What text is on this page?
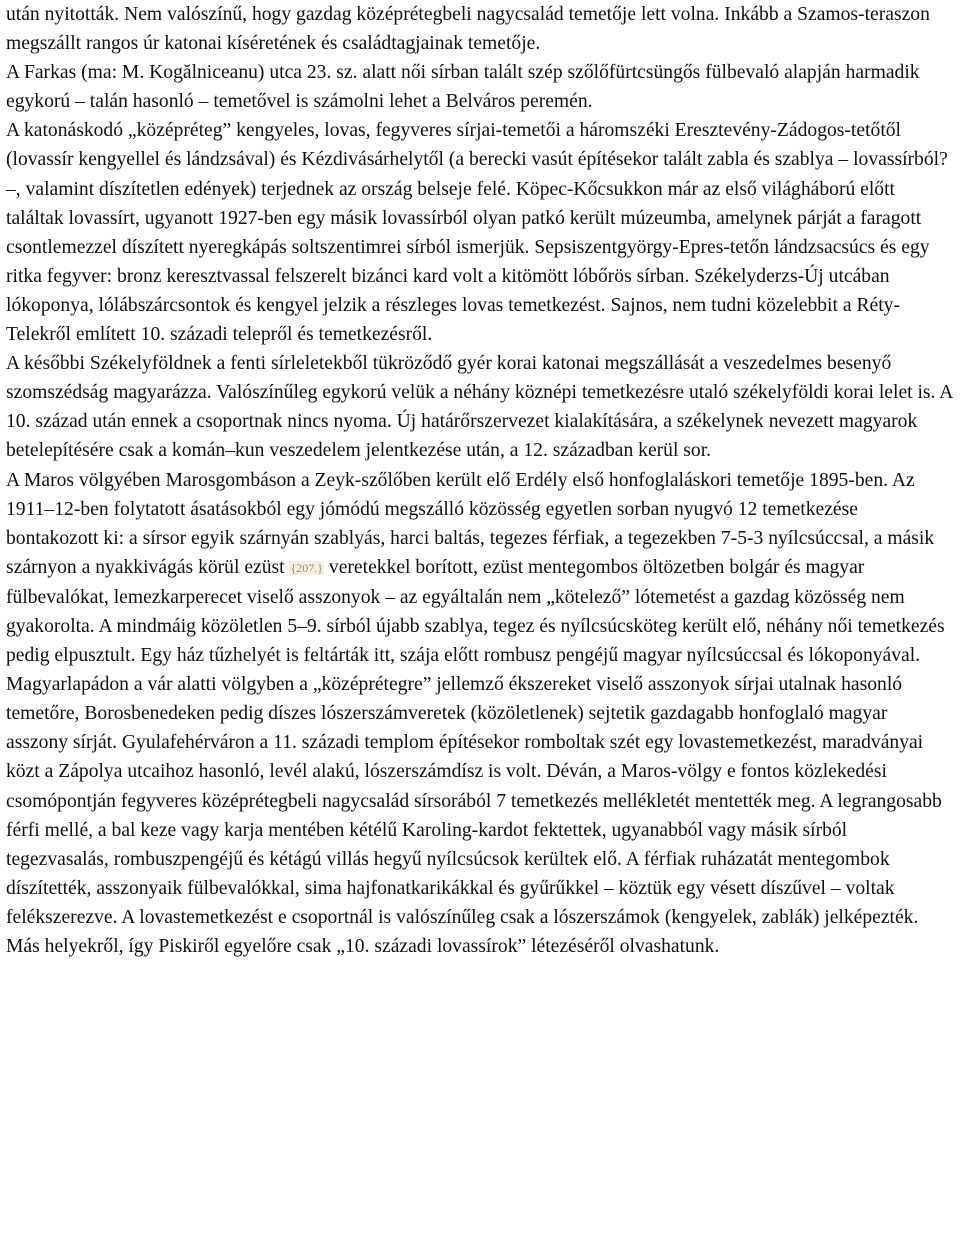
után nyitották. Nem valószínű, hogy gazdag középrétegbeli nagycsalád temetője lett volna. Inkább a Szamos-teraszon megszállt rangos úr katonai kíséretének és családtagjainak temetője.

A Farkas (ma: M. Kogălniceanu) utca 23. sz. alatt női sírban talált szép szőlőfürtcsüngős fülbevaló alapján harmadik egykorú – talán hasonló – temetővel is számolni lehet a Belváros peremén.

A katonáskodó „középréteg” kengyeles, lovas, fegyveres sírjai-temetői a háromszéki Eresztevény-Zádogos-tetőtől (lovassír kengyellel és lándzsával) és Kézdivásárhelytől (a berecki vasút építésekor talált zabla és szablya – lovassírból? –, valamint díszítetlen edények) terjednek az ország belseje felé. Köpec-Kőcsukkon már az első világháború előtt találtak lovassírt, ugyanott 1927-ben egy másik lovassírból olyan patkó került múzeumba, amelynek párját a faragott csontlemezzel díszített nyeregkápás soltszentimrei sírból ismerjük. Sepsiszentgyörgy-Epres-tetőn lándzsacsúcs és egy ritka fegyver: bronz keresztvassal felszerelt bizánci kard volt a kitömött lóbőrös sírban. Székelyderzs-Új utcában lókoponya, lólábszárcsontok és kengyel jelzik a részleges lovas temetkezést. Sajnos, nem tudni közelebbit a Réty-Telekről említett 10. századi telepről és temetkezésről.

A későbbi Székelyföldnek a fenti sírleletekből tükröződő gyér korai katonai megszállását a veszedelmes besenyő szomszédság magyarázza. Valószínűleg egykorú velük a néhány köznépi temetkezésre utaló székelyföldi korai lelet is. A 10. század után ennek a csoportnak nincs nyoma. Új határőrszervezet kialakítására, a székelynek nevezett magyarok betelepítésére csak a komán–kun veszedelem jelentkezése után, a 12. században kerül sor.

A Maros völgyében Marosgombáson a Zeyk-szőlőben került elő Erdély első honfoglaláskori temetője 1895-ben. Az 1911–12-ben folytatott ásatásokból egy jómódú megszálló közösség egyetlen sorban nyugvó 12 temetkezése bontakozott ki: a sírsor egyik szárnyán szablyás, harci baltás, tegezes férfiak, a tegezekben 7-5-3 nyílcsúccsal, a másik szárnyon a nyakkivágás körül ezüst {207.} veretekkel borított, ezüst mentegombos öltözetben bolgár és magyar fülbevalókat, lemezkarperecet viselő asszonyok – az egyáltalán nem „kötelező” lótemetést a gazdag közösség nem gyakorolta. A mindmáig közöletlen 5–9. sírból újabb szablya, tegez és nyílcsúcsköteg került elő, néhány női temetkezés pedig elpusztult. Egy ház tűzhelyét is feltárták itt, szája előtt rombusz pengéjű magyar nyílcsúccsal és lókoponyával.

Magyarlapádon a vár alatti völgyben a „középrétegre” jellemző ékszereket viselő asszonyok sírjai utalnak hasonló temetőre, Borosbenedeken pedig díszes lószerszámveretek (közöletlenek) sejtetik gazdagabb honfoglaló magyar asszony sírját. Gyulafehérváron a 11. századi templom építésekor romboltak szét egy lovastemetkezést, maradványai közt a Zápolya utcaihoz hasonló, levél alakú, lószerszámdísz is volt. Déván, a Maros-völgy e fontos közlekedési csomópontján fegyveres középrétegbeli nagycsalád sírsorából 7 temetkezés mellékletét mentették meg. A legrangosabb férfi mellé, a bal keze vagy karja mentében kétélű Karoling-kardot fektettek, ugyanabból vagy másik sírból tegezvasalás, rombuszpengéjű és kétágú villás hegyű nyílcsúcsok kerültek elő. A férfiak ruházatát mentegombok díszítették, asszonyaik fülbevalókkal, sima hajfonatkarikákkal és gyűrűkkel – köztük egy vésett díszűvel – voltak felékszerezve. A lovastemetkezést e csoportnál is valószínűleg csak a lószerszámok (kengyelek, zablák) jelképezték. Más helyekről, így Piskiről egyelőre csak „10. századi lovassírok” létezéséről olvashatunk.
